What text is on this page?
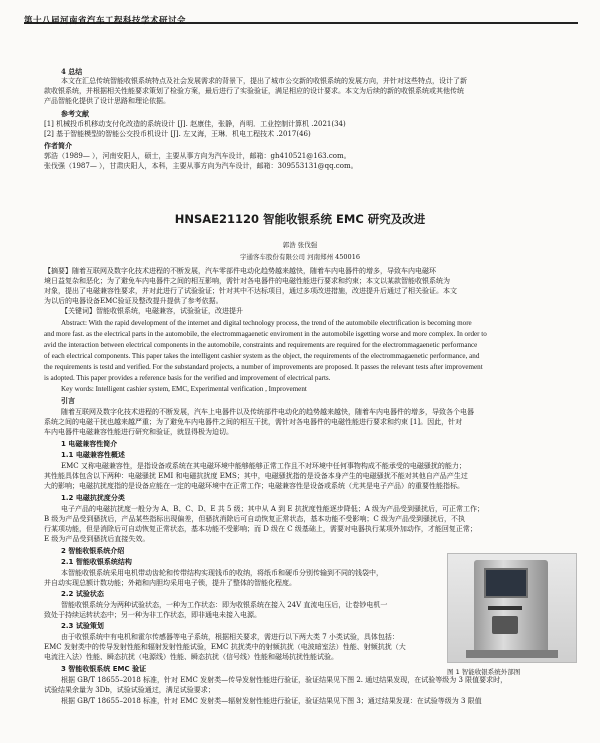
第十八届河南省汽车工程科技学术研讨会
4 总结
本文在汇总传统智能收银系统特点及社会发展需求的背景下，提出了城市公交新的收银系统的发展方向，并针对这些特点，设计了新
款收银系统，并根据相关性能要求策划了检验方案，最后进行了实验验证，满足相应的设计要求。本文为后续的新的收银系统或其他传统
产品智能化提供了设计思路和理论依据。
参考文献
[1] 机械投币机移动支付化改造的系统设计 [J]. 赵康佳，张静，肖明．工业控制计算机 .2021(34)
[2] 基于智能模型的智能公交投币机设计 [J]. 左又海，王琳．机电工程技术 .2017(46)
作者简介
郭浩（1989— ），河南安阳人，硕士，主要从事方向为汽车设计，邮箱：gh410521@163.com。
张伐强（1987— ），甘肃庆阳人，本科，主要从事方向为汽车设计，邮箱：309553131@qq.com。
HNSAE21120 智能收银系统 EMC 研究及改进
郭浩 张伐强
宇通客车股份有限公司 河南郑州 450016
【摘要】随着互联网及数字化技术进程的不断发展，汽车零部件电动化趋势越来越快，随着车内电器件的增多，导致车内电磁环
境日益复杂和恶化；为了避免车内电器件之间的相互影响，需针对各电器件的电磁性能进行要求和约束；本文以某款智能收银系统为
对象，提出了电磁兼容性要求，并对此进行了试验验证；针对其中不达标项目，通过多项改进措施，改进提升后通过了相关验证。本文
为以后的电器设备EMC验证及整改提升提供了参考依据。
【关键词】智能收银系统，电磁兼容，试验验证，改进提升
Abstract: With the rapid development of the internet and digital technology process, the trend of the automobile electrification is becoming more
and more fast. as the electrical parts in the automobile, the electrommagaenetic enviroment in the automobile isgetting worse and more complex. In order to
avid the interaction between electrical components in the automobile, constraints and requirements are required for the electrommagaenetic performance
of each electrical components. This paper takes the intelligent cashier system as the object, the requirements of the electrommagaenetic performance, and
the requirements is testd and verified. For the substandard projects, a number of improvements are proposed. It passes the relevant tests after improvement
is adopted. This paper provides a reference basis for the verified and improvement of electrical parts.
Key words: Intelligent cashier system, EMC, Experimental verification , Improvement
引言
随着互联网及数字化技术进程的不断发展，汽车上电器件以及传统部件电动化的趋势越来越快，随着车内电器件的增多，导致各个电器
系统之间的电磁干扰也越来越严重；为了避免车内电器件之间的相互干扰，需针对各电器件的电磁性能进行要求和约束 [1]。因此，针对
车内电器件电磁兼容性能进行研究和验证，就显得极为迫切。
1 电磁兼容性简介
1.1 电磁兼容性概述
EMC 又称电磁兼容性，是指设备或系统在其电磁环境中能够能够正常工作且不对环境中任何事物构成不能承受的电磁骚扰的能力；
其性能具体包含以下两种：电磁骚扰 EMI 和电磁抗扰度 EMS；其中，电磁骚扰指的是设备本身产生的电磁骚扰不能对其他自产品产生过
大的影响；电磁抗扰度指的是设备应能在一定的电磁环境中在正常工作；电磁兼容性是设备或系统（尤其是电子产品）的重要性能指标。
1.2 电磁抗扰度分类
电子产品的电磁抗扰度一般分为 A、B、C、D、E 共 5 级；其中从 A 到 E 抗扰度性能逐步降低；A 级为产品受到骚扰后，可正常工作；
B 级为产品受到骚扰后，产品某些指标出现偏差，但骚扰消除后可自动恢复正常状态，基本功能不受影响；C 级为产品受到骚扰后，不执
行某项功能，但是消除后可自动恢复正常状态，基本功能不受影响；而 D 级在 C 级基础上，需要对电器执行某项外加动作，才能回复正常；
E 级为产品受到骚扰后直接失效。
2 智能收银系统介绍
2.1 智能收银系统结构
本智能收银系统采用电机带动齿轮和传带结构实现钱币的收纳，将纸币和硬币分别传输到不同的钱袋中，
并自动实现总额计数功能；外箱和内胆均采用电子锁，提升了整体的智能化程度。
2.2 试验状态
智能收银系统分为两种试验状态，一种为工作状态：即为收银系统在接入 24V 直流电压后，让卷钞电机一
致处于持续运转状态中；另一种为非工作状态，即非通电未接入电源。
2.3 试验策划
由于收银系统中有电机和霍尔传感器等电子系统，根据相关要求，需进行以下两大类 7 小类试验，具体包括：
EMC 发射类中的传导发射性能和辐射发射性能试验，EMC 抗扰类中的射频抗扰（电波暗室法）性能、射频抗扰（大
电流注入法）性能、瞬态抗扰（电源线）性能、瞬态抗扰（信号线）性能和磁场抗扰性能试验。
3 智能收银系统 EMC 验证
根据 GB/T 18655–2018 标准，针对 EMC 发射类—传导发射性能进行验证，验证结果见下图 2. 通过结果发现，在试验等级为 3 限值要求时，
试验结果余量为 3Db，试验试验通过，满足试验要求；
根据 GB/T 18655–2018 标准，针对 EMC 发射类—辐射发射性能进行验证，验证结果见下图 3；通过结果发现：在试验等级为 3 限值
图 1 智能收银系统外部图
